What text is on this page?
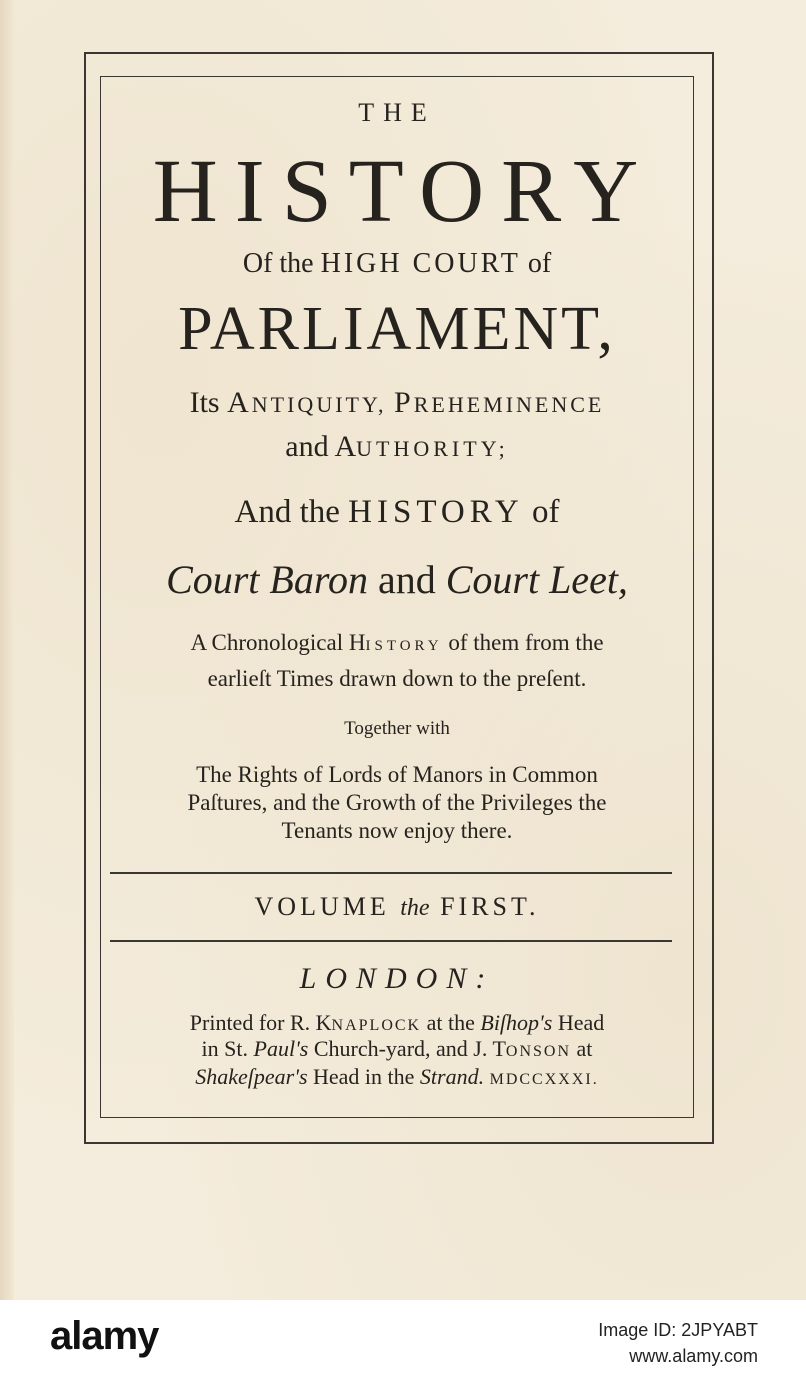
THE
HISTORY
Of the HIGH COURT of
PARLIAMENT,
Its ANTIQUITY, PREHEMINENCE
and AUTHORITY;
And the HISTORY of
Court Baron and Court Leet,
A Chronological HISTORY of them from the
earlieſt Times drawn down to the preſent.
Together with
The Rights of Lords of Manors in Common
Paſtures, and the Growth of the Privileges the
Tenants now enjoy there.
VOLUME the FIRST.
LONDON:
Printed for R. KNAPLOCK at the Biſhop's Head
in St. Paul's Church-yard, and J. TONSON at
Shakeſpear's Head in the Strand. MDCCXXXI.
alamy	Image ID: 2JPYABT
www.alamy.com
